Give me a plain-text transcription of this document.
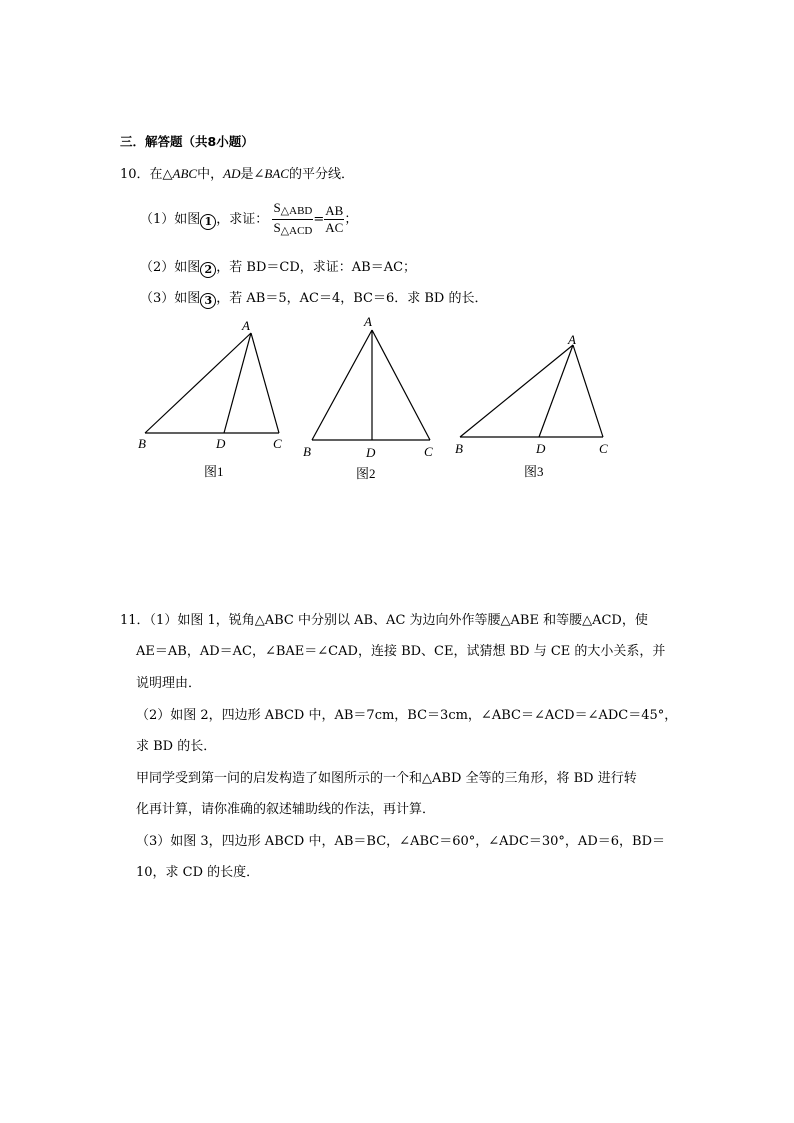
三．解答题（共8小题）
10．在△ABC中，AD是∠BAC的平分线．
（1）如图 1 ，求证： $\frac{\text{S△ABD}}{\text{S△ACD}} = \frac{AB}{AC}$ ；
（2）如图 2 ，若 BD＝CD，求证：AB＝AC；
（3）如图 3 ，若 AB＝5，AC＝4，BC＝6．求 BD 的长．
A
B	D	C
图1
A
B	D	C
图2
A
B	D	C
图3
11．（1）如图 1，锐角△ABC 中分别以 AB、AC 为边向外作等腰△ABE 和等腰△ACD，使
AE＝AB，AD＝AC，∠BAE＝∠CAD，连接 BD、CE，试猜想 BD 与 CE 的大小关系，并
说明理由．
（2）如图 2，四边形 ABCD 中，AB＝7cm，BC＝3cm，∠ABC＝∠ACD＝∠ADC＝45°，
求 BD 的长．
甲同学受到第一问的启发构造了如图所示的一个和△ABD 全等的三角形，将 BD 进行转
化再计算，请你准确的叙述辅助线的作法，再计算．
（3）如图 3，四边形 ABCD 中，AB＝BC，∠ABC＝60°，∠ADC＝30°，AD＝6，BD＝
10，求 CD 的长度．
